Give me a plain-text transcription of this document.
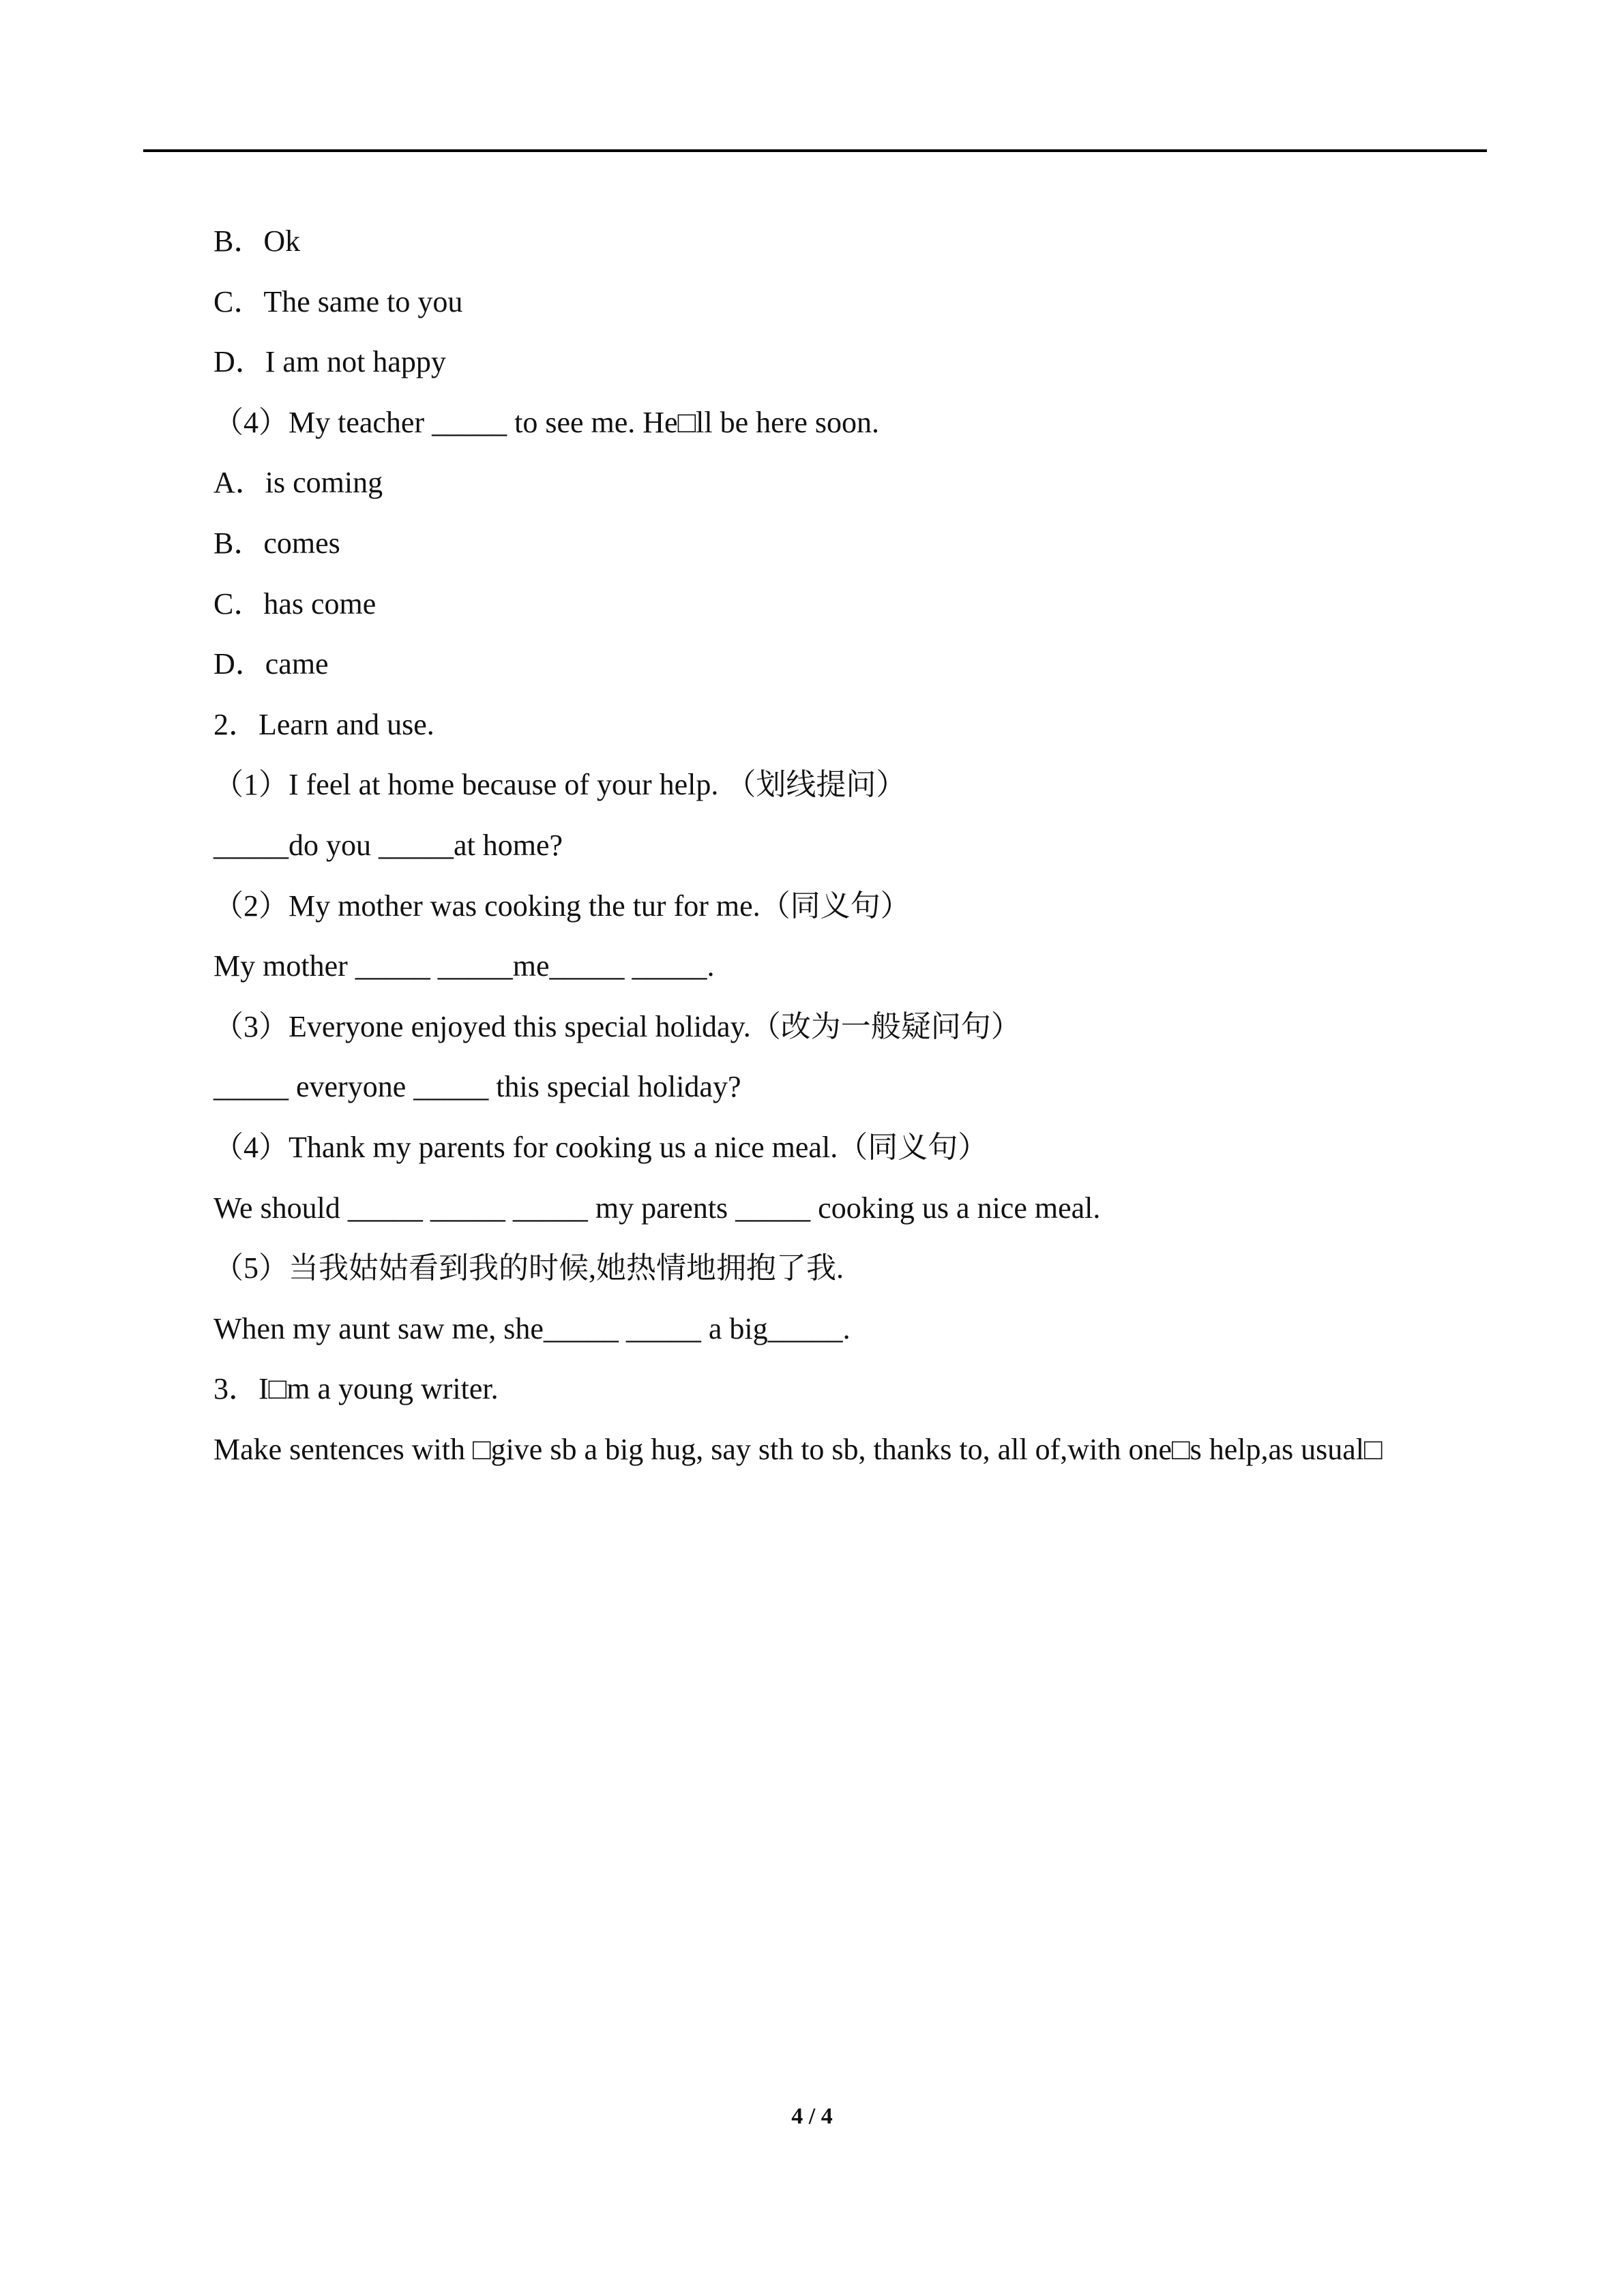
B．Ok
C．The same to you
D．I am not happy
（4）My teacher _____ to see me. He□ll be here soon.
A．is coming
B．comes
C．has come
D．came
2．Learn and use.
（1）I feel at home because of your help. （划线提问）
_____do you _____at home?
（2）My mother was cooking the tur for me.（同义句）
My mother _____ _____me_____ _____.
（3）Everyone enjoyed this special holiday.（改为一般疑问句）
_____ everyone _____ this special holiday?
（4）Thank my parents for cooking us a nice meal.（同义句）
We should _____ _____ _____ my parents _____ cooking us a nice meal.
（5）当我姑姑看到我的时候,她热情地拥抱了我.
When my aunt saw me, she_____ _____ a big_____.
3．I□m a young writer.
Make sentences with □give sb a big hug, say sth to sb, thanks to, all of,with one□s help,as usual□
4 / 4
